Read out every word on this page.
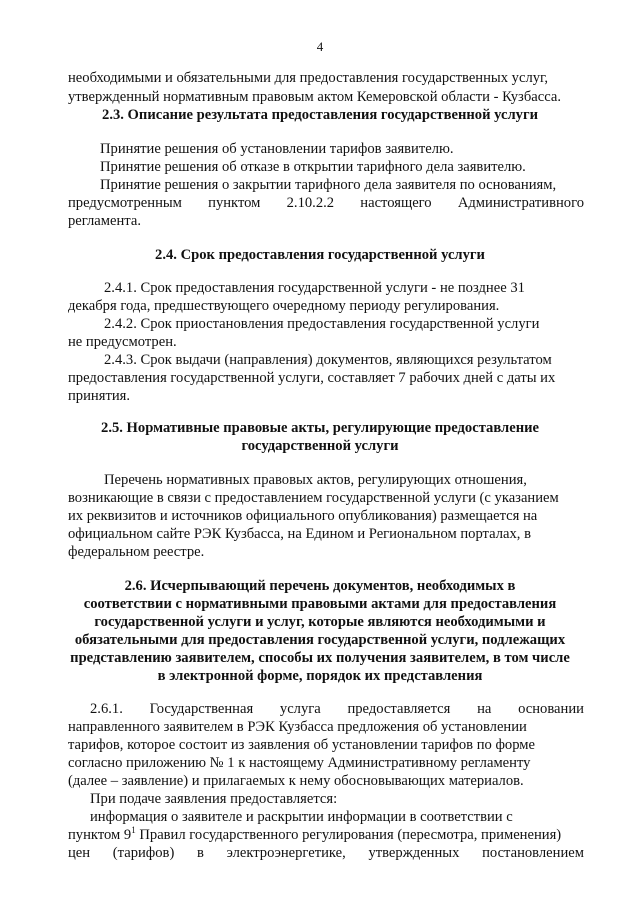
4
необходимыми и обязательными для предоставления государственных услуг,
утвержденный нормативным правовым актом Кемеровской области - Кузбасса.
2.3. Описание результата предоставления государственной услуги
Принятие решения об установлении тарифов заявителю.
Принятие решения об отказе в открытии тарифного дела заявителю.
Принятие решения о закрытии тарифного дела заявителя по основаниям,
предусмотренным пунктом 2.10.2.2 настоящего Административного
регламента.
2.4. Срок предоставления государственной услуги
2.4.1. Срок предоставления государственной услуги - не позднее 31
декабря года, предшествующего очередному периоду регулирования.
2.4.2. Срок приостановления предоставления государственной услуги
не предусмотрен.
2.4.3. Срок выдачи (направления) документов, являющихся результатом
предоставления государственной услуги, составляет 7 рабочих дней с даты их
принятия.
2.5. Нормативные правовые акты, регулирующие предоставление
государственной услуги
Перечень нормативных правовых актов, регулирующих отношения,
возникающие в связи с предоставлением государственной услуги (с указанием
их реквизитов и источников официального опубликования) размещается на
официальном сайте РЭК Кузбасса, на Едином и Региональном порталах, в
федеральном реестре.
2.6. Исчерпывающий перечень документов, необходимых в
соответствии с нормативными правовыми актами для предоставления
государственной услуги и услуг, которые являются необходимыми и
обязательными для предоставления государственной услуги, подлежащих
представлению заявителем, способы их получения заявителем, в том числе
в электронной форме, порядок их представления
2.6.1. Государственная услуга предоставляется на основании
направленного заявителем в РЭК Кузбасса предложения об установлении
тарифов, которое состоит из заявления об установлении тарифов по форме
согласно приложению № 1 к настоящему Административному регламенту
(далее – заявление) и прилагаемых к нему обосновывающих материалов.
При подаче заявления предоставляется:
информация о заявителе и раскрытии информации в соответствии с
пунктом $9^1$ Правил государственного регулирования (пересмотра, применения)
цен (тарифов) в электроэнергетике, утвержденных постановлением
